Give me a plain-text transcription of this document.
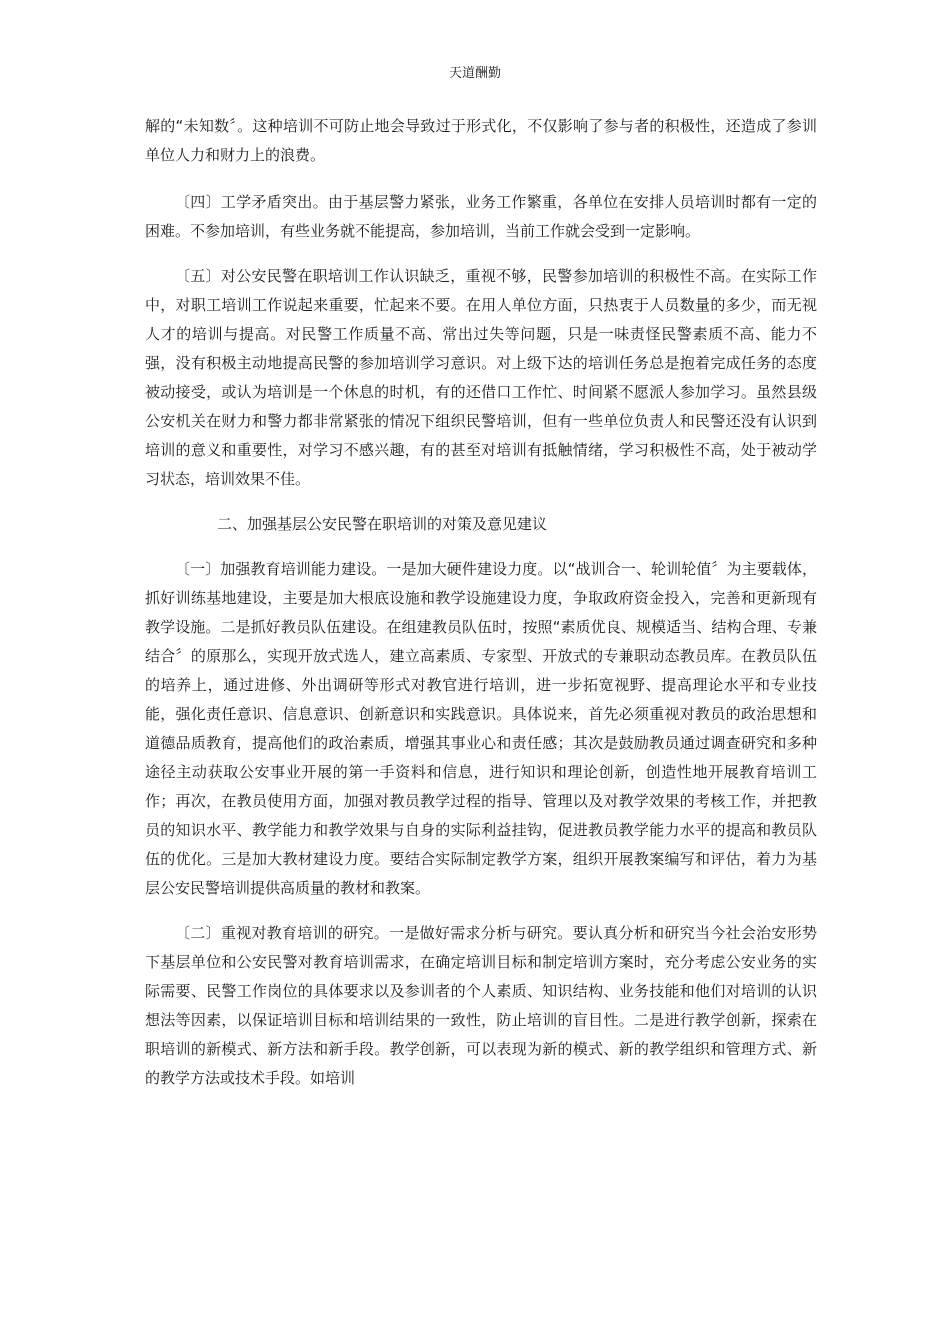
天道酬勤

解的“未知数〞。这种培训不可防止地会导致过于形式化，不仅影响了参与者的积极性，还造成了参训单位人力和财力上的浪费。

〔四〕工学矛盾突出。由于基层警力紧张，业务工作繁重，各单位在安排人员培训时都有一定的困难。不参加培训，有些业务就不能提高，参加培训，当前工作就会受到一定影响。

〔五〕对公安民警在职培训工作认识缺乏，重视不够，民警参加培训的积极性不高。在实际工作中，对职工培训工作说起来重要，忙起来不要。在用人单位方面，只热衷于人员数量的多少，而无视人才的培训与提高。对民警工作质量不高、常出过失等问题，只是一味责怪民警素质不高、能力不强，没有积极主动地提高民警的参加培训学习意识。对上级下达的培训任务总是抱着完成任务的态度被动接受，或认为培训是一个休息的时机，有的还借口工作忙、时间紧不愿派人参加学习。虽然县级公安机关在财力和警力都非常紧张的情况下组织民警培训，但有一些单位负责人和民警还没有认识到培训的意义和重要性，对学习不感兴趣，有的甚至对培训有抵触情绪，学习积极性不高，处于被动学习状态，培训效果不佳。

二、加强基层公安民警在职培训的对策及意见建议

〔一〕加强教育培训能力建设。一是加大硬件建设力度。以“战训合一、轮训轮值〞为主要载体，抓好训练基地建设，主要是加大根底设施和教学设施建设力度，争取政府资金投入，完善和更新现有教学设施。二是抓好教员队伍建设。在组建教员队伍时，按照“素质优良、规模适当、结构合理、专兼结合〞的原那么，实现开放式选人，建立高素质、专家型、开放式的专兼职动态教员库。在教员队伍的培养上，通过进修、外出调研等形式对教官进行培训，进一步拓宽视野、提高理论水平和专业技能，强化责任意识、信息意识、创新意识和实践意识。具体说来，首先必须重视对教员的政治思想和道德品质教育，提高他们的政治素质，增强其事业心和责任感；其次是鼓励教员通过调查研究和多种途径主动获取公安事业开展的第一手资料和信息，进行知识和理论创新，创造性地开展教育培训工作；再次，在教员使用方面，加强对教员教学过程的指导、管理以及对教学效果的考核工作，并把教员的知识水平、教学能力和教学效果与自身的实际利益挂钩，促进教员教学能力水平的提高和教员队伍的优化。三是加大教材建设力度。要结合实际制定教学方案，组织开展教案编写和评估，着力为基层公安民警培训提供高质量的教材和教案。

〔二〕重视对教育培训的研究。一是做好需求分析与研究。要认真分析和研究当今社会治安形势下基层单位和公安民警对教育培训需求，在确定培训目标和制定培训方案时，充分考虑公安业务的实际需要、民警工作岗位的具体要求以及参训者的个人素质、知识结构、业务技能和他们对培训的认识想法等因素，以保证培训目标和培训结果的一致性，防止培训的盲目性。二是进行教学创新，探索在职培训的新模式、新方法和新手段。教学创新，可以表现为新的模式、新的教学组织和管理方式、新的教学方法或技术手段。如培训
